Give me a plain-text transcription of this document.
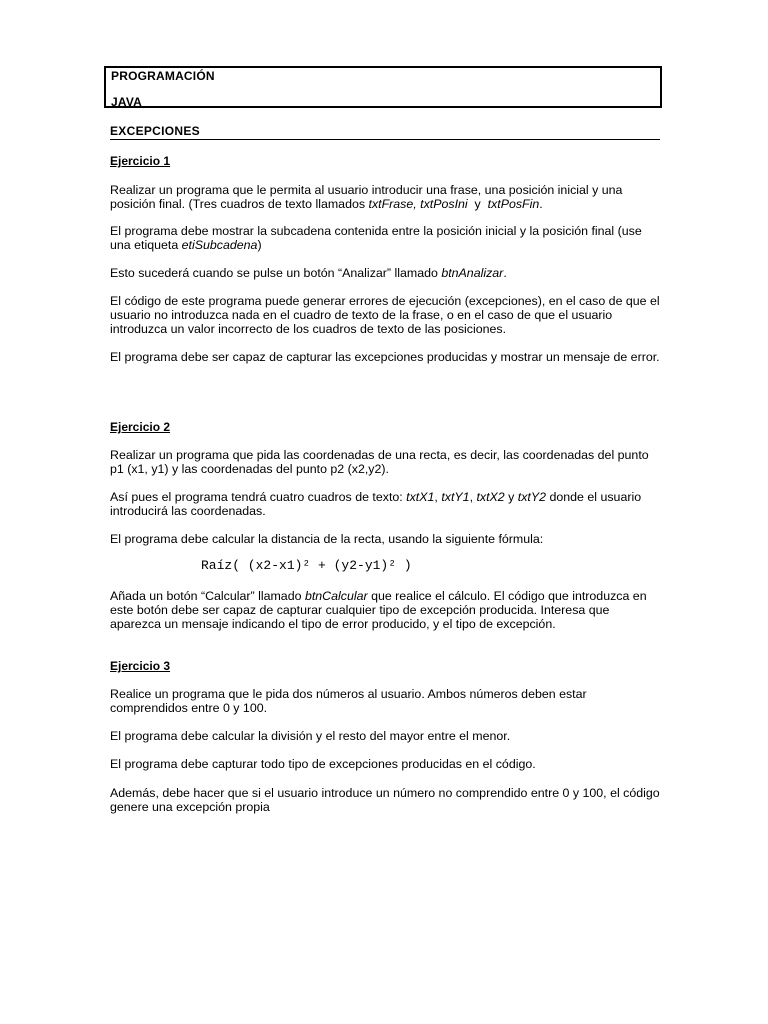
PROGRAMACIÓN
JAVA
EXCEPCIONES
Ejercicio 1
Realizar un programa que le permita al usuario introducir una frase, una posición inicial y una posición final. (Tres cuadros de texto llamados txtFrase, txtPosIni  y  txtPosFin.
El programa debe mostrar la subcadena contenida entre la posición inicial y la posición final (use una etiqueta etiSubcadena)
Esto sucederá cuando se pulse un botón “Analizar” llamado btnAnalizar.
El código de este programa puede generar errores de ejecución (excepciones), en el caso de que el usuario no introduzca nada en el cuadro de texto de la frase, o en el caso de que el usuario introduzca un valor incorrecto de los cuadros de texto de las posiciones.
El programa debe ser capaz de capturar las excepciones producidas y mostrar un mensaje de error.
Ejercicio 2
Realizar un programa que pida las coordenadas de una recta, es decir, las coordenadas del punto p1 (x1, y1) y las coordenadas del punto p2 (x2,y2).
Así pues el programa tendrá cuatro cuadros de texto: txtX1, txtY1, txtX2 y txtY2 donde el usuario introducirá las coordenadas.
El programa debe calcular la distancia de la recta, usando la siguiente fórmula:
Raíz( (x2-x1)² + (y2-y1)² )
Añada un botón “Calcular” llamado btnCalcular que realice el cálculo. El código que introduzca en este botón debe ser capaz de capturar cualquier tipo de excepción producida. Interesa que aparezca un mensaje indicando el tipo de error producido, y el tipo de excepción.
Ejercicio 3
Realice un programa que le pida dos números al usuario. Ambos números deben estar comprendidos entre 0 y 100.
El programa debe calcular la división y el resto del mayor entre el menor.
El programa debe capturar todo tipo de excepciones producidas en el código.
Además, debe hacer que si el usuario introduce un número no comprendido entre 0 y 100, el código genere una excepción propia
